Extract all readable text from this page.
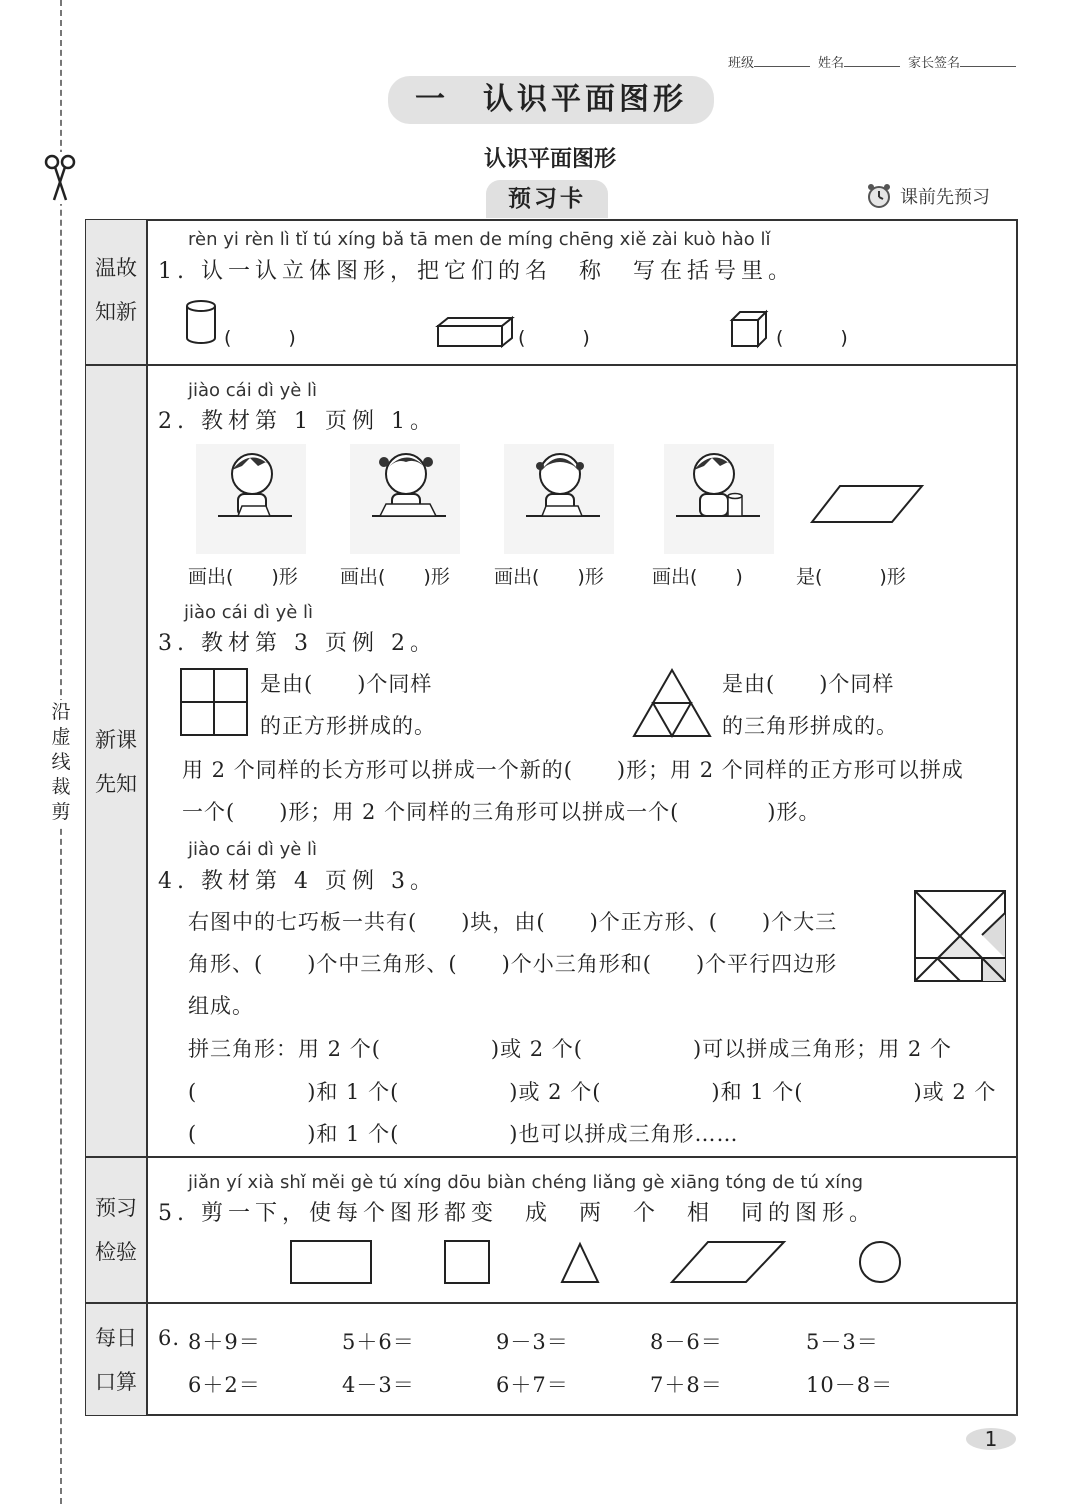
沿虚线裁剪
班级	姓名	家长签名
一　认识平面图形
认识平面图形
预习卡	课前先预习
温故
知新
新课
先知
预习
检验
每日
口算
rèn yi rèn lì tǐ tú xíng bǎ tā men de míng chēng xiě zài kuò hào lǐ
1. 认一认立体图形，把它们的名　称　写在括号里。
(　　　)	(　　　)	(　　　)
jiào cái dì yè lì
2. 教材第 1 页例 1。
画出(　　)形 画出(　　)形 画出(　　)形	画出(　　)	是(　　　)形
jiào cái dì yè lì
3. 教材第 3 页例 2。
是由(　　)个同样
的正方形拼成的。
是由(　　)个同样
的三角形拼成的。
用 2 个同样的长方形可以拼成一个新的(　　)形；用 2 个同样的正方形可以拼成
一个(　　)形；用 2 个同样的三角形可以拼成一个(　　　　)形。
jiào cái dì yè lì
4. 教材第 4 页例 3。
右图中的七巧板一共有(　　)块，由(　　)个正方形、(　　)个大三
角形、(　　)个中三角形、(　　)个小三角形和(　　)个平行四边形
组成。
拼三角形：用 2 个(　　　　　)或 2 个(　　　　　)可以拼成三角形；用 2 个
(　　　　　)和 1 个(　　　　　)或 2 个(　　　　　)和 1 个(　　　　　)或 2 个
(　　　　　)和 1 个(　　　　　)也可以拼成三角形……
jiǎn yí xià shǐ měi gè tú xíng dōu biàn chéng liǎng gè xiāng tóng de tú xíng
5. 剪一下，使每个图形都变　成　两　个　相　同的图形。
6. 8＋9＝	5＋6＝	9－3＝	8－6＝	5－3＝
6＋2＝	4－3＝	6＋7＝	7＋8＝	10－8＝
1
